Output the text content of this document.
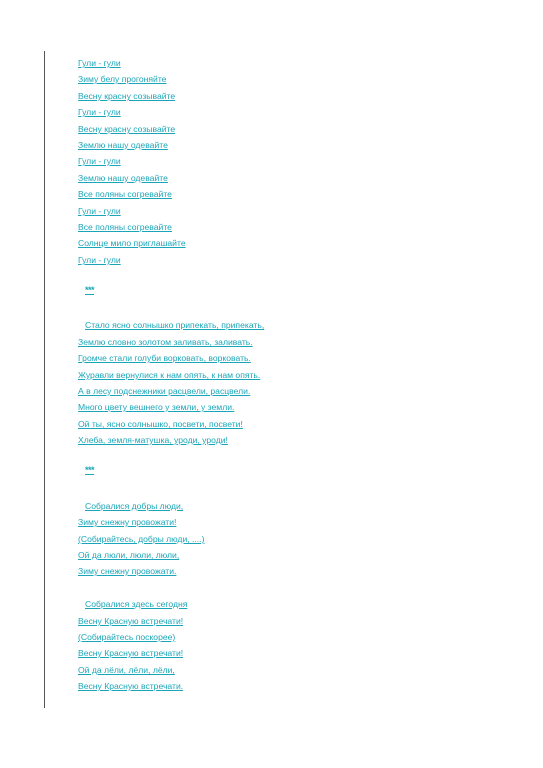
Гули - гули
Зиму белу прогоняйте
Весну красну созывайте
Гули - гули
Весну красну созывайте
Землю нашу одевайте
Гули - гули
Землю нашу одевайте
Все поляны согревайте
Гули - гули
Все поляны согревайте
Солнце мило приглашайте
Гули - гули
***
Стало ясно солнышко припекать, припекать,
Землю словно золотом заливать, заливать.
Громче стали голуби ворковать, ворковать.
Журавли вернулися к нам опять, к нам опять.
А в лесу подснежники расцвели, расцвели.
Много цвету вешнего у земли, у земли.
Ой ты, ясно солнышко, посвети, посвети!
Хлеба, земля-матушка, уроди, уроди!
***
Собралися добры люди,
Зиму снежну провожати!
(Собирайтесь, добры люди, ....)
Ой да люли, люли, люли,
Зиму снежну провожати.
Собралися здесь сегодня
Весну Красную встречати!
(Собирайтесь поскорее)
Весну Красную встречати!
Ой да лёли, лёли, лёли,
Весну Красную встречати.
